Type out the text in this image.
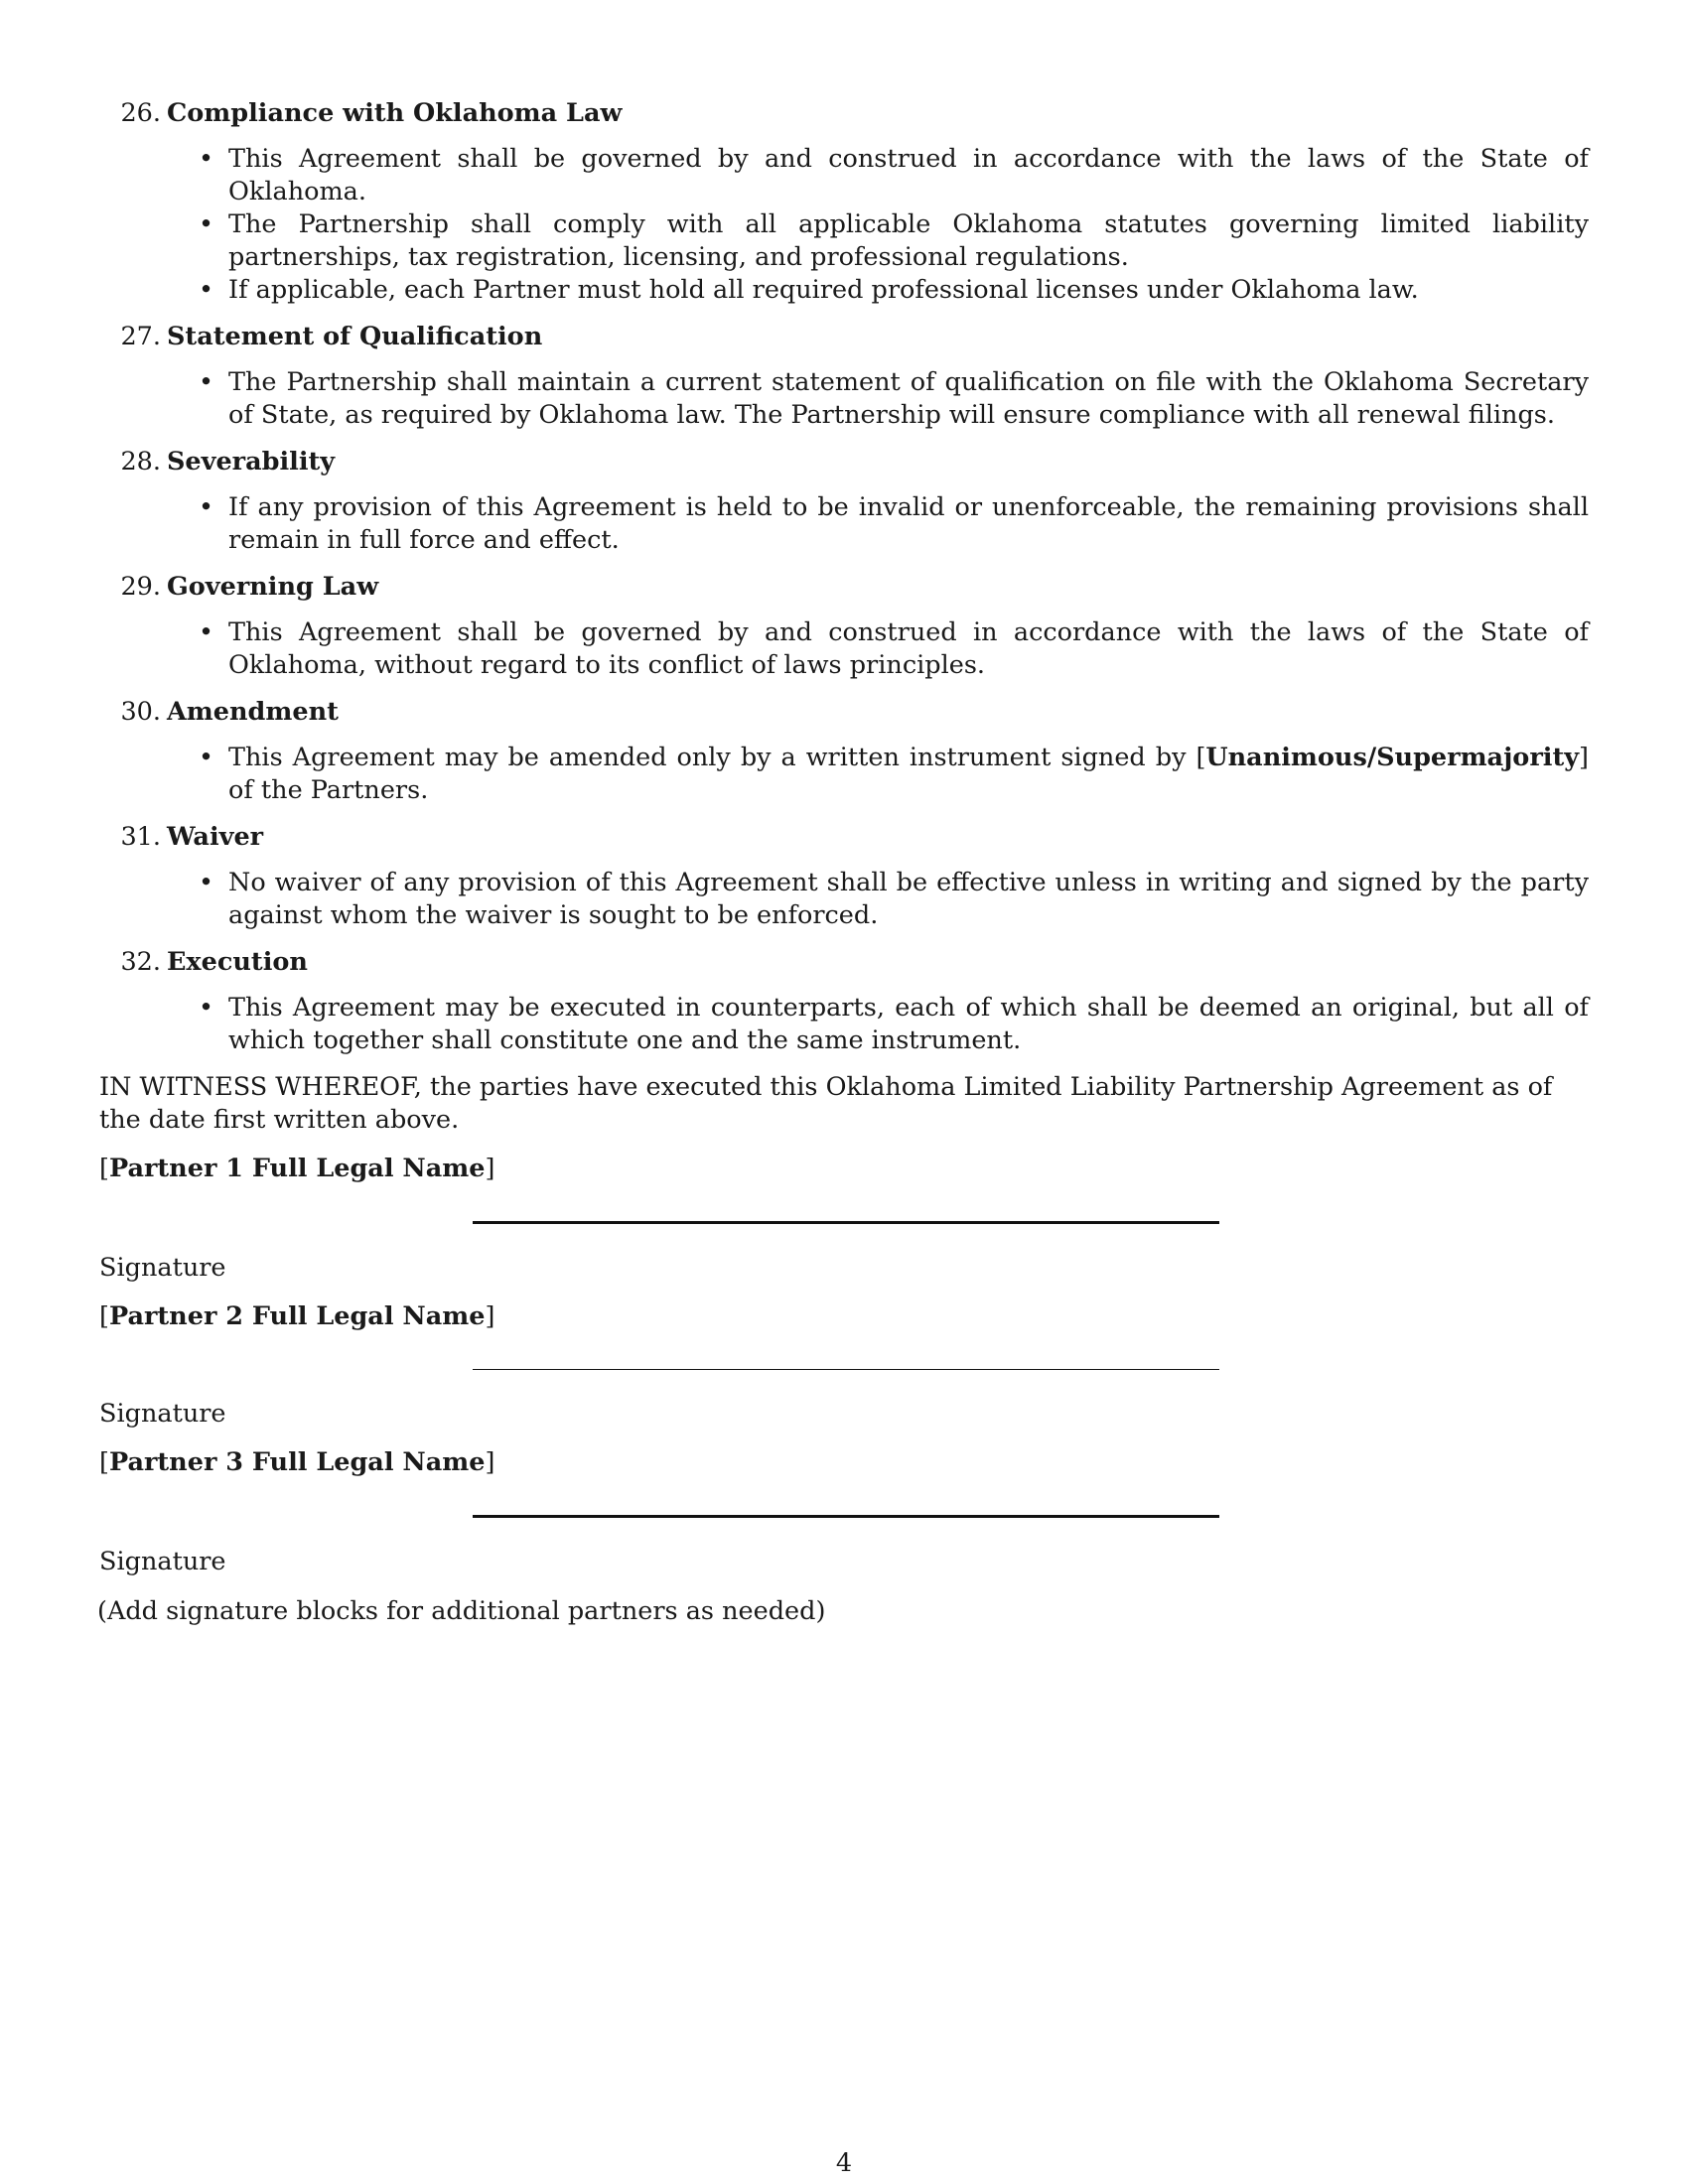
26. Compliance with Oklahoma Law
• This Agreement shall be governed by and construed in accordance with the laws of the State of Oklahoma.
• The Partnership shall comply with all applicable Oklahoma statutes governing limited liability partnerships, tax registration, licensing, and professional regulations.
• If applicable, each Partner must hold all required professional licenses under Oklahoma law.
27. Statement of Qualification
• The Partnership shall maintain a current statement of qualification on file with the Oklahoma Secretary of State, as required by Oklahoma law. The Partnership will ensure compliance with all renewal filings.
28. Severability
• If any provision of this Agreement is held to be invalid or unenforceable, the remaining provisions shall remain in full force and effect.
29. Governing Law
• This Agreement shall be governed by and construed in accordance with the laws of the State of Oklahoma, without regard to its conflict of laws principles.
30. Amendment
• This Agreement may be amended only by a written instrument signed by [Unanimous/Supermajority] of the Partners.
31. Waiver
• No waiver of any provision of this Agreement shall be effective unless in writing and signed by the party against whom the waiver is sought to be enforced.
32. Execution
• This Agreement may be executed in counterparts, each of which shall be deemed an original, but all of which together shall constitute one and the same instrument.
IN WITNESS WHEREOF, the parties have executed this Oklahoma Limited Liability Partnership Agreement as of the date first written above.
[Partner 1 Full Legal Name]
Signature
[Partner 2 Full Legal Name]
Signature
[Partner 3 Full Legal Name]
Signature
(Add signature blocks for additional partners as needed)
4
